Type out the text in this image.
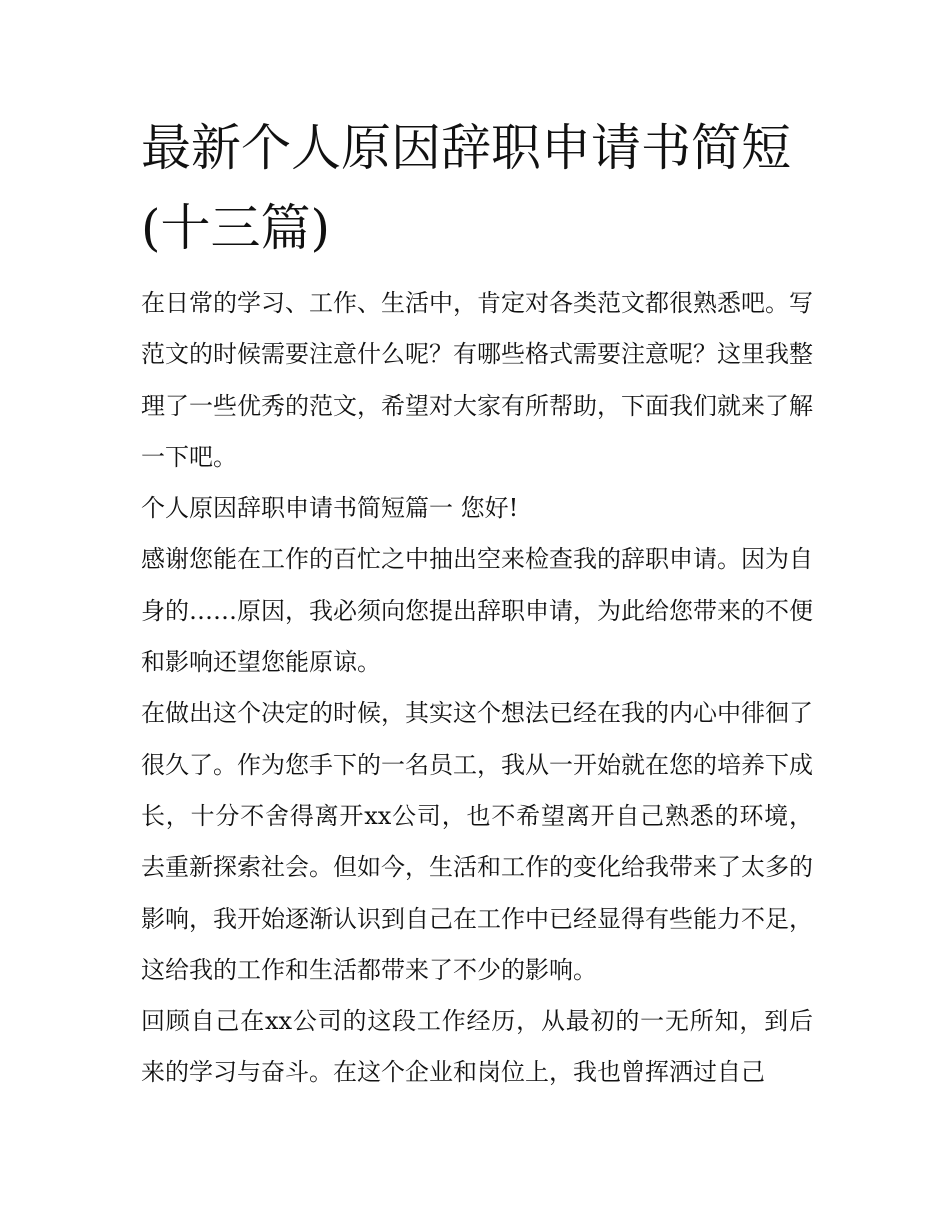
最新个人原因辞职申请书简短(十三篇)

在日常的学习、工作、生活中，肯定对各类范文都很熟悉吧。写范文的时候需要注意什么呢？有哪些格式需要注意呢？这里我整理了一些优秀的范文，希望对大家有所帮助，下面我们就来了解一下吧。

个人原因辞职申请书简短篇一 您好!

感谢您能在工作的百忙之中抽出空来检查我的辞职申请。因为自身的……原因，我必须向您提出辞职申请，为此给您带来的不便和影响还望您能原谅。

在做出这个决定的时候，其实这个想法已经在我的内心中徘徊了很久了。作为您手下的一名员工，我从一开始就在您的培养下成长，十分不舍得离开xx公司，也不希望离开自己熟悉的环境，去重新探索社会。但如今，生活和工作的变化给我带来了太多的影响，我开始逐渐认识到自己在工作中已经显得有些能力不足，这给我的工作和生活都带来了不少的影响。

回顾自己在xx公司的这段工作经历，从最初的一无所知，到后来的学习与奋斗。在这个企业和岗位上，我也曾挥洒过自己
